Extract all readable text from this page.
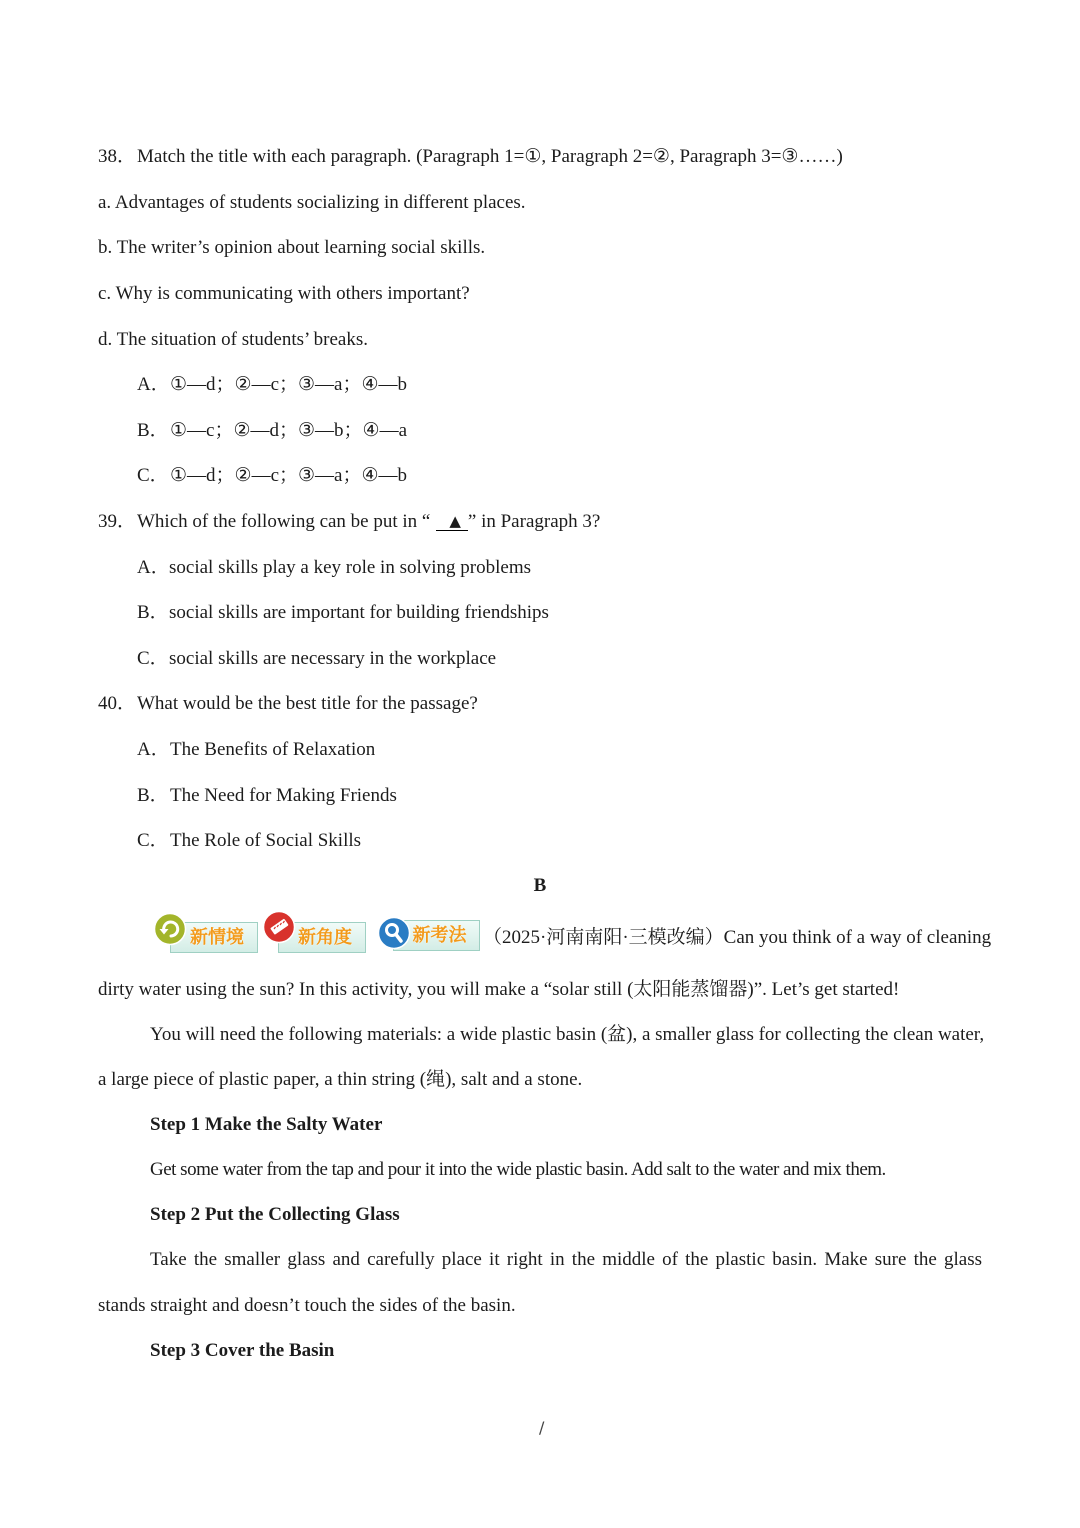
38． Match the title with each paragraph. (Paragraph 1=①, Paragraph 2=②, Paragraph 3=③……)
a. Advantages of students socializing in different places.
b. The writer’s opinion about learning social skills.
c. Why is communicating with others important?
d. The situation of students’ breaks.
A． ①—d；②—c；③—a；④—b
B． ①—c；②—d；③—b；④—a
C． ①—d；②—c；③—a；④—b
39． Which of the following can be put in “ ▲ ” in Paragraph 3?
A． social skills play a key role in solving problems
B． social skills are important for building friendships
C． social skills are necessary in the workplace
40． What would be the best title for the passage?
A． The Benefits of Relaxation
B． The Need for Making Friends
C． The Role of Social Skills
B
新情境	新角度	新考法 （2025·河南南阳·三模改编） Can you think of a way of cleaning
dirty water using the sun? In this activity, you will make a “solar still (太阳能蒸馏器)”. Let’s get started!
You will need the following materials: a wide plastic basin (盆), a smaller glass for collecting the clean water,
a large piece of plastic paper, a thin string (绳), salt and a stone.
Step 1 Make the Salty Water
Get some water from the tap and pour it into the wide plastic basin. Add salt to the water and mix them.
Step 2 Put the Collecting Glass
Take the smaller glass and carefully place it right in the middle of the plastic basin. Make sure the glass
stands straight and doesn’t touch the sides of the basin.
Step 3 Cover the Basin
/
